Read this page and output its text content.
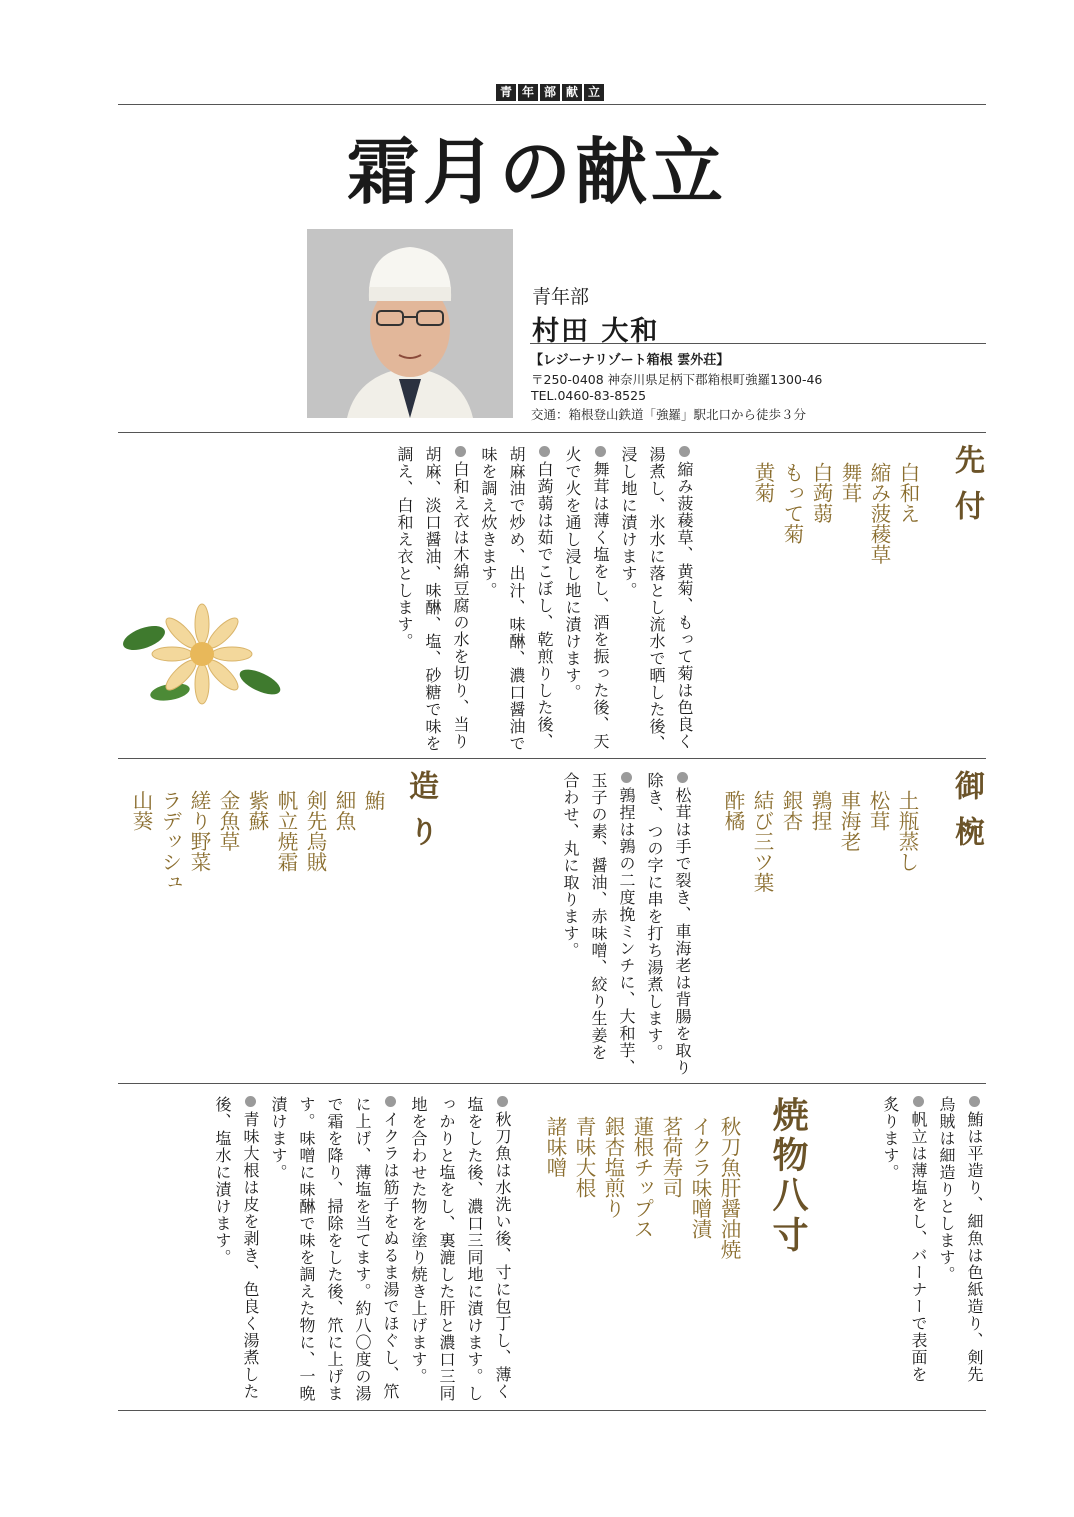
青 年 部 献 立
霜月の献立
青年部
村田 大和
【レジーナリゾート箱根 雲外荘】
〒250-0408 神奈川県足柄下郡箱根町強羅1300-46
TEL.0460-83-8525
交通：箱根登山鉄道「強羅」駅北口から徒歩３分
先付
白和え
縮み菠薐草
舞茸
白蒟蒻
もって菊
黄菊
縮み菠薐草、黄菊、もって菊は色良く湯煮し、氷水に落とし流水で晒した後、浸し地に漬けます。
舞茸は薄く塩をし、酒を振った後、天火で火を通し浸し地に漬けます。
白蒟蒻は茹でこぼし、乾煎りした後、胡麻油で炒め、出汁、味醂、濃口醤油で味を調え炊きます。
白和え衣は木綿豆腐の水を切り、当り胡麻、淡口醤油、味醂、塩、砂糖で味を調え、白和え衣とします。
御椀
土瓶蒸し
松茸
車海老
鶉捏
銀杏
結び三ツ葉
酢橘
松茸は手で裂き、車海老は背腸を取り除き、つの字に串を打ち湯煮します。
鶉捏は鶉の二度挽ミンチに、大和芋、玉子の素、醤油、赤味噌、絞り生姜を合わせ、丸に取ります。
造り
鮪
細魚
剣先烏賊
帆立焼霜
紫蘇
金魚草
縒り野菜
ラデッシュ
山葵
鮪は平造り、細魚は色紙造り、剣先烏賊は細造りとします。
帆立は薄塩をし、バーナーで表面を炙ります。
焼物八寸
秋刀魚肝醤油焼
イクラ味噌漬
茗荷寿司
蓮根チップス
銀杏塩煎り
青味大根
諸味噌
秋刀魚は水洗い後、寸に包丁し、薄く塩をした後、濃口三同地に漬けます。しっかりと塩をし、裏漉した肝と濃口三同地を合わせた物を塗り焼き上げます。
イクラは筋子をぬるま湯でほぐし、笊に上げ、薄塩を当てます。約八〇度の湯で霜を降り、掃除をした後、笊に上げます。味噌に味醂で味を調えた物に、一晩漬けます。
青味大根は皮を剥き、色良く湯煮した後、塩水に漬けます。
